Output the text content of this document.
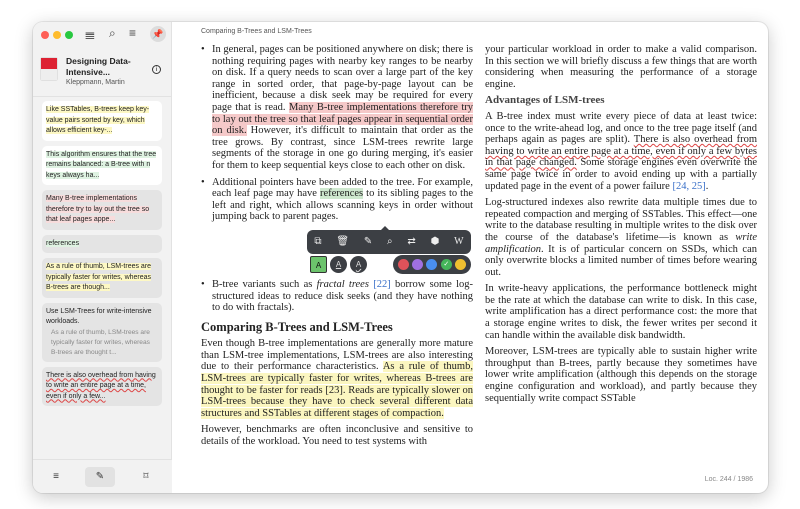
𝍣 ⌕ ≡ 📌
Designing Data-Intensive...
Kleppmann, Martin
i
Like SSTables, B-trees keep key-value pairs sorted by key, which allows efficient key-...
This algorithm ensures that the tree remains balanced: a B-tree with n keys always ha...
Many B-tree implementations therefore try to lay out the tree so that leaf pages appe...
references
As a rule of thumb, LSM-trees are typically faster for writes, whereas B-trees are though...
Use LSM-Trees for write-intensive workloads.
As a rule of thumb, LSM-trees are typically faster for writes, whereas B-trees are thought t...
There is also overhead from having to write an entire page at a time, even if only a few...
≡	✎	⌑
Comparing B-Trees and LSM-Trees
• In general, pages can be positioned anywhere on disk; there is nothing requiring pages with nearby key ranges to be nearby on disk. If a query needs to scan over a large part of the key range in sorted order, that page-by-page layout can be inefficient, because a disk seek may be required for every page that is read. Many B-tree implementations therefore try to lay out the tree so that leaf pages appear in sequential order on disk. However, it's difficult to maintain that order as the tree grows. By contrast, since LSM-trees rewrite large segments of the storage in one go during merging, it's easier for them to keep sequential keys close to each other on disk.
• Additional pointers have been added to the tree. For example, each leaf page may have references to its sibling pages to the left and right, which allows scanning keys in order without jumping back to parent pages.
⧉ 🗑 ✎ ⌕ ⇄ ⬢ W
A	A	A	✓
• B-tree variants such as fractal trees [22] borrow some log-structured ideas to reduce disk seeks (and they have nothing to do with fractals).
Comparing B-Trees and LSM-Trees

Even though B-tree implementations are generally more mature than LSM-tree implementations, LSM-trees are also interesting due to their performance characteristics. As a rule of thumb, LSM-trees are typically faster for writes, whereas B-trees are thought to be faster for reads [23]. Reads are typically slower on LSM-trees because they have to check several different data structures and SSTables at different stages of compaction.

However, benchmarks are often inconclusive and sensitive to details of the workload. You need to test systems with

your particular workload in order to make a valid comparison. In this section we will briefly discuss a few things that are worth considering when measuring the performance of a storage engine.

Advantages of LSM-trees

A B-tree index must write every piece of data at least twice: once to the write-ahead log, and once to the tree page itself (and perhaps again as pages are split). There is also overhead from having to write an entire page at a time, even if only a few bytes in that page changed. Some storage engines even overwrite the same page twice in order to avoid ending up with a partially updated page in the event of a power failure [24, 25].

Log-structured indexes also rewrite data multiple times due to repeated compaction and merging of SSTables. This effect—one write to the database resulting in multiple writes to the disk over the course of the database's lifetime—is known as write amplification. It is of particular concern on SSDs, which can only overwrite blocks a limited number of times before wearing out.

In write-heavy applications, the performance bottleneck might be the rate at which the database can write to disk. In this case, write amplification has a direct performance cost: the more that a storage engine writes to disk, the fewer writes per second it can handle within the available disk bandwidth.

Moreover, LSM-trees are typically able to sustain higher write throughput than B-trees, partly because they sometimes have lower write amplification (although this depends on the storage engine configuration and workload), and partly because they sequentially write compact SSTable

Loc. 244 / 1986
